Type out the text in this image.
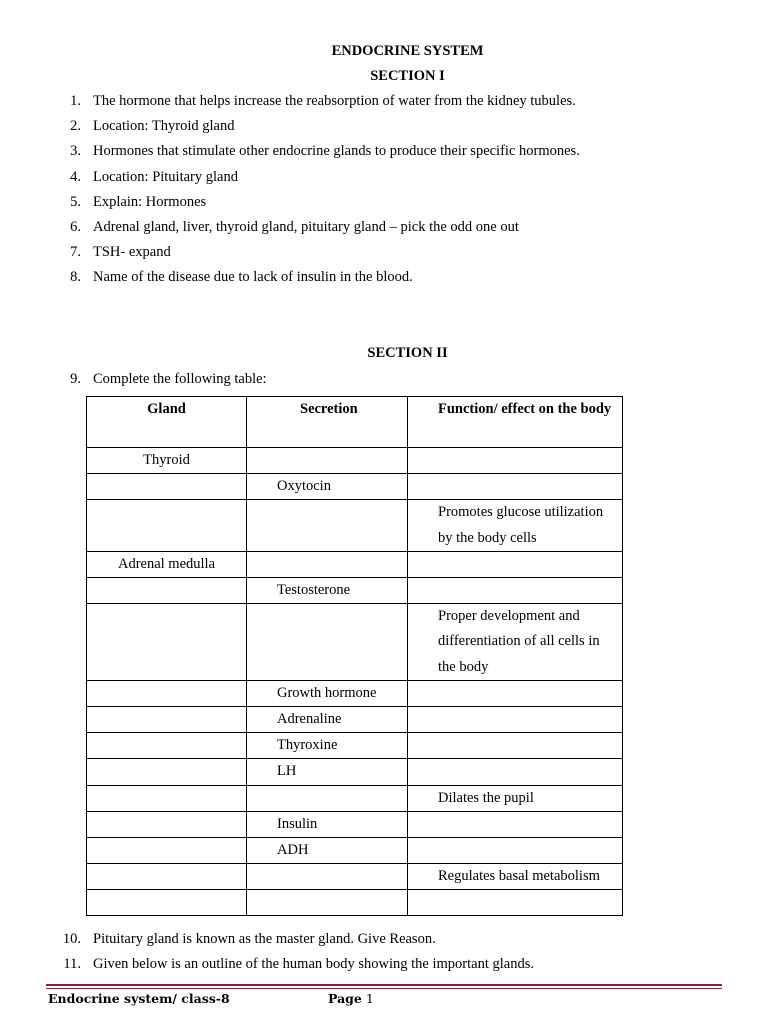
ENDOCRINE SYSTEM
SECTION I
1. The hormone that helps increase the reabsorption of water from the kidney tubules.
2. Location: Thyroid gland
3. Hormones that stimulate other endocrine glands to produce their specific hormones.
4. Location: Pituitary gland
5. Explain: Hormones
6. Adrenal gland, liver, thyroid gland, pituitary gland – pick the odd one out
7. TSH- expand
8. Name of the disease due to lack of insulin in the blood.
SECTION II
9. Complete the following table:
Gland	Secretion	Function/ effect on the body
Thyroid		
	Oxytocin	
		Promotes glucose utilization by the body cells
Adrenal medulla		
	Testosterone	
		Proper development and differentiation of all cells in the body
	Growth hormone	
	Adrenaline	
	Thyroxine	
	LH	
		Dilates the pupil
	Insulin	
	ADH	
		Regulates basal metabolism

10. Pituitary gland is known as the master gland. Give Reason.
11. Given below is an outline of the human body showing the important glands.
Endocrine system/ class-8	Page 1
